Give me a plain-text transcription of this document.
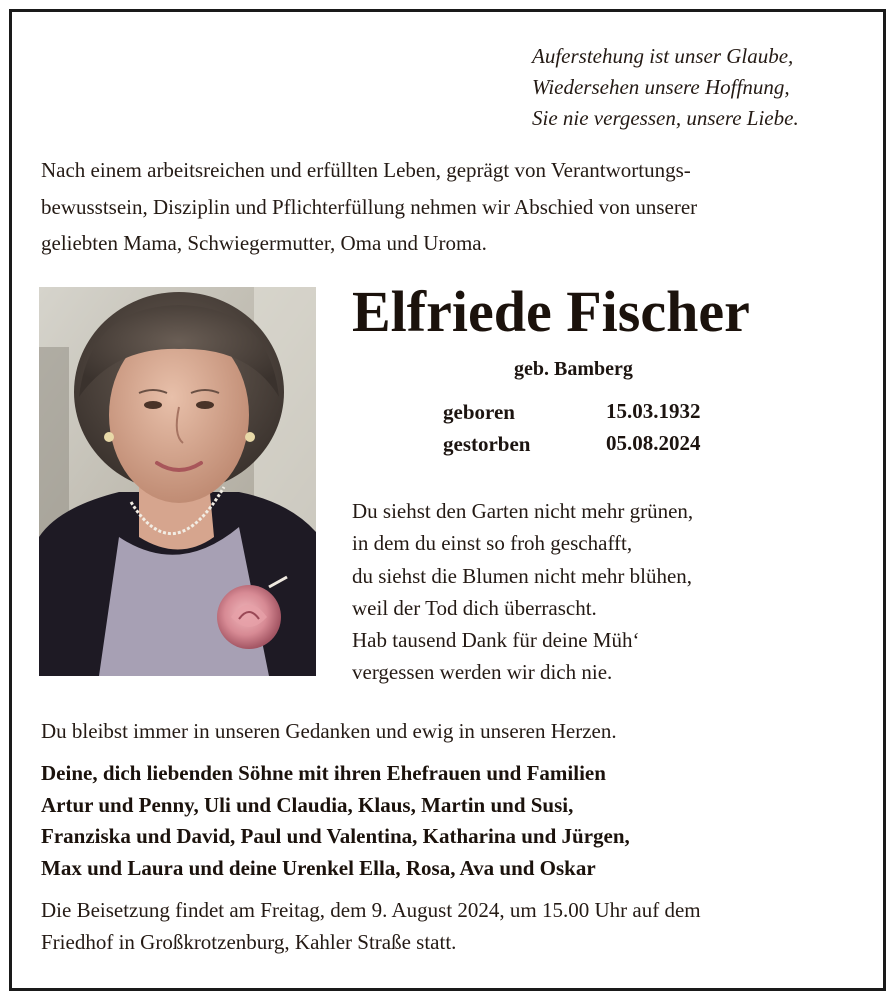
Auferstehung ist unser Glaube,
Wiedersehen unsere Hoffnung,
Sie nie vergessen, unsere Liebe.
Nach einem arbeitsreichen und erfüllten Leben, geprägt von Verantwortungs-
bewusstsein, Disziplin und Pflichterfüllung nehmen wir Abschied von unserer
geliebten Mama, Schwiegermutter, Oma und Uroma.
Elfriede Fischer
geb. Bamberg
geboren	15.03.1932
gestorben	05.08.2024
Du siehst den Garten nicht mehr grünen,
in dem du einst so froh geschafft,
du siehst die Blumen nicht mehr blühen,
weil der Tod dich überrascht.
Hab tausend Dank für deine Müh‘
vergessen werden wir dich nie.
Du bleibst immer in unseren Gedanken und ewig in unseren Herzen.
Deine, dich liebenden Söhne mit ihren Ehefrauen und Familien
Artur und Penny, Uli und Claudia, Klaus, Martin und Susi,
Franziska und David, Paul und Valentina, Katharina und Jürgen,
Max und Laura und deine Urenkel Ella, Rosa, Ava und Oskar
Die Beisetzung findet am Freitag, dem 9. August 2024, um 15.00 Uhr auf dem
Friedhof in Großkrotzenburg, Kahler Straße statt.
